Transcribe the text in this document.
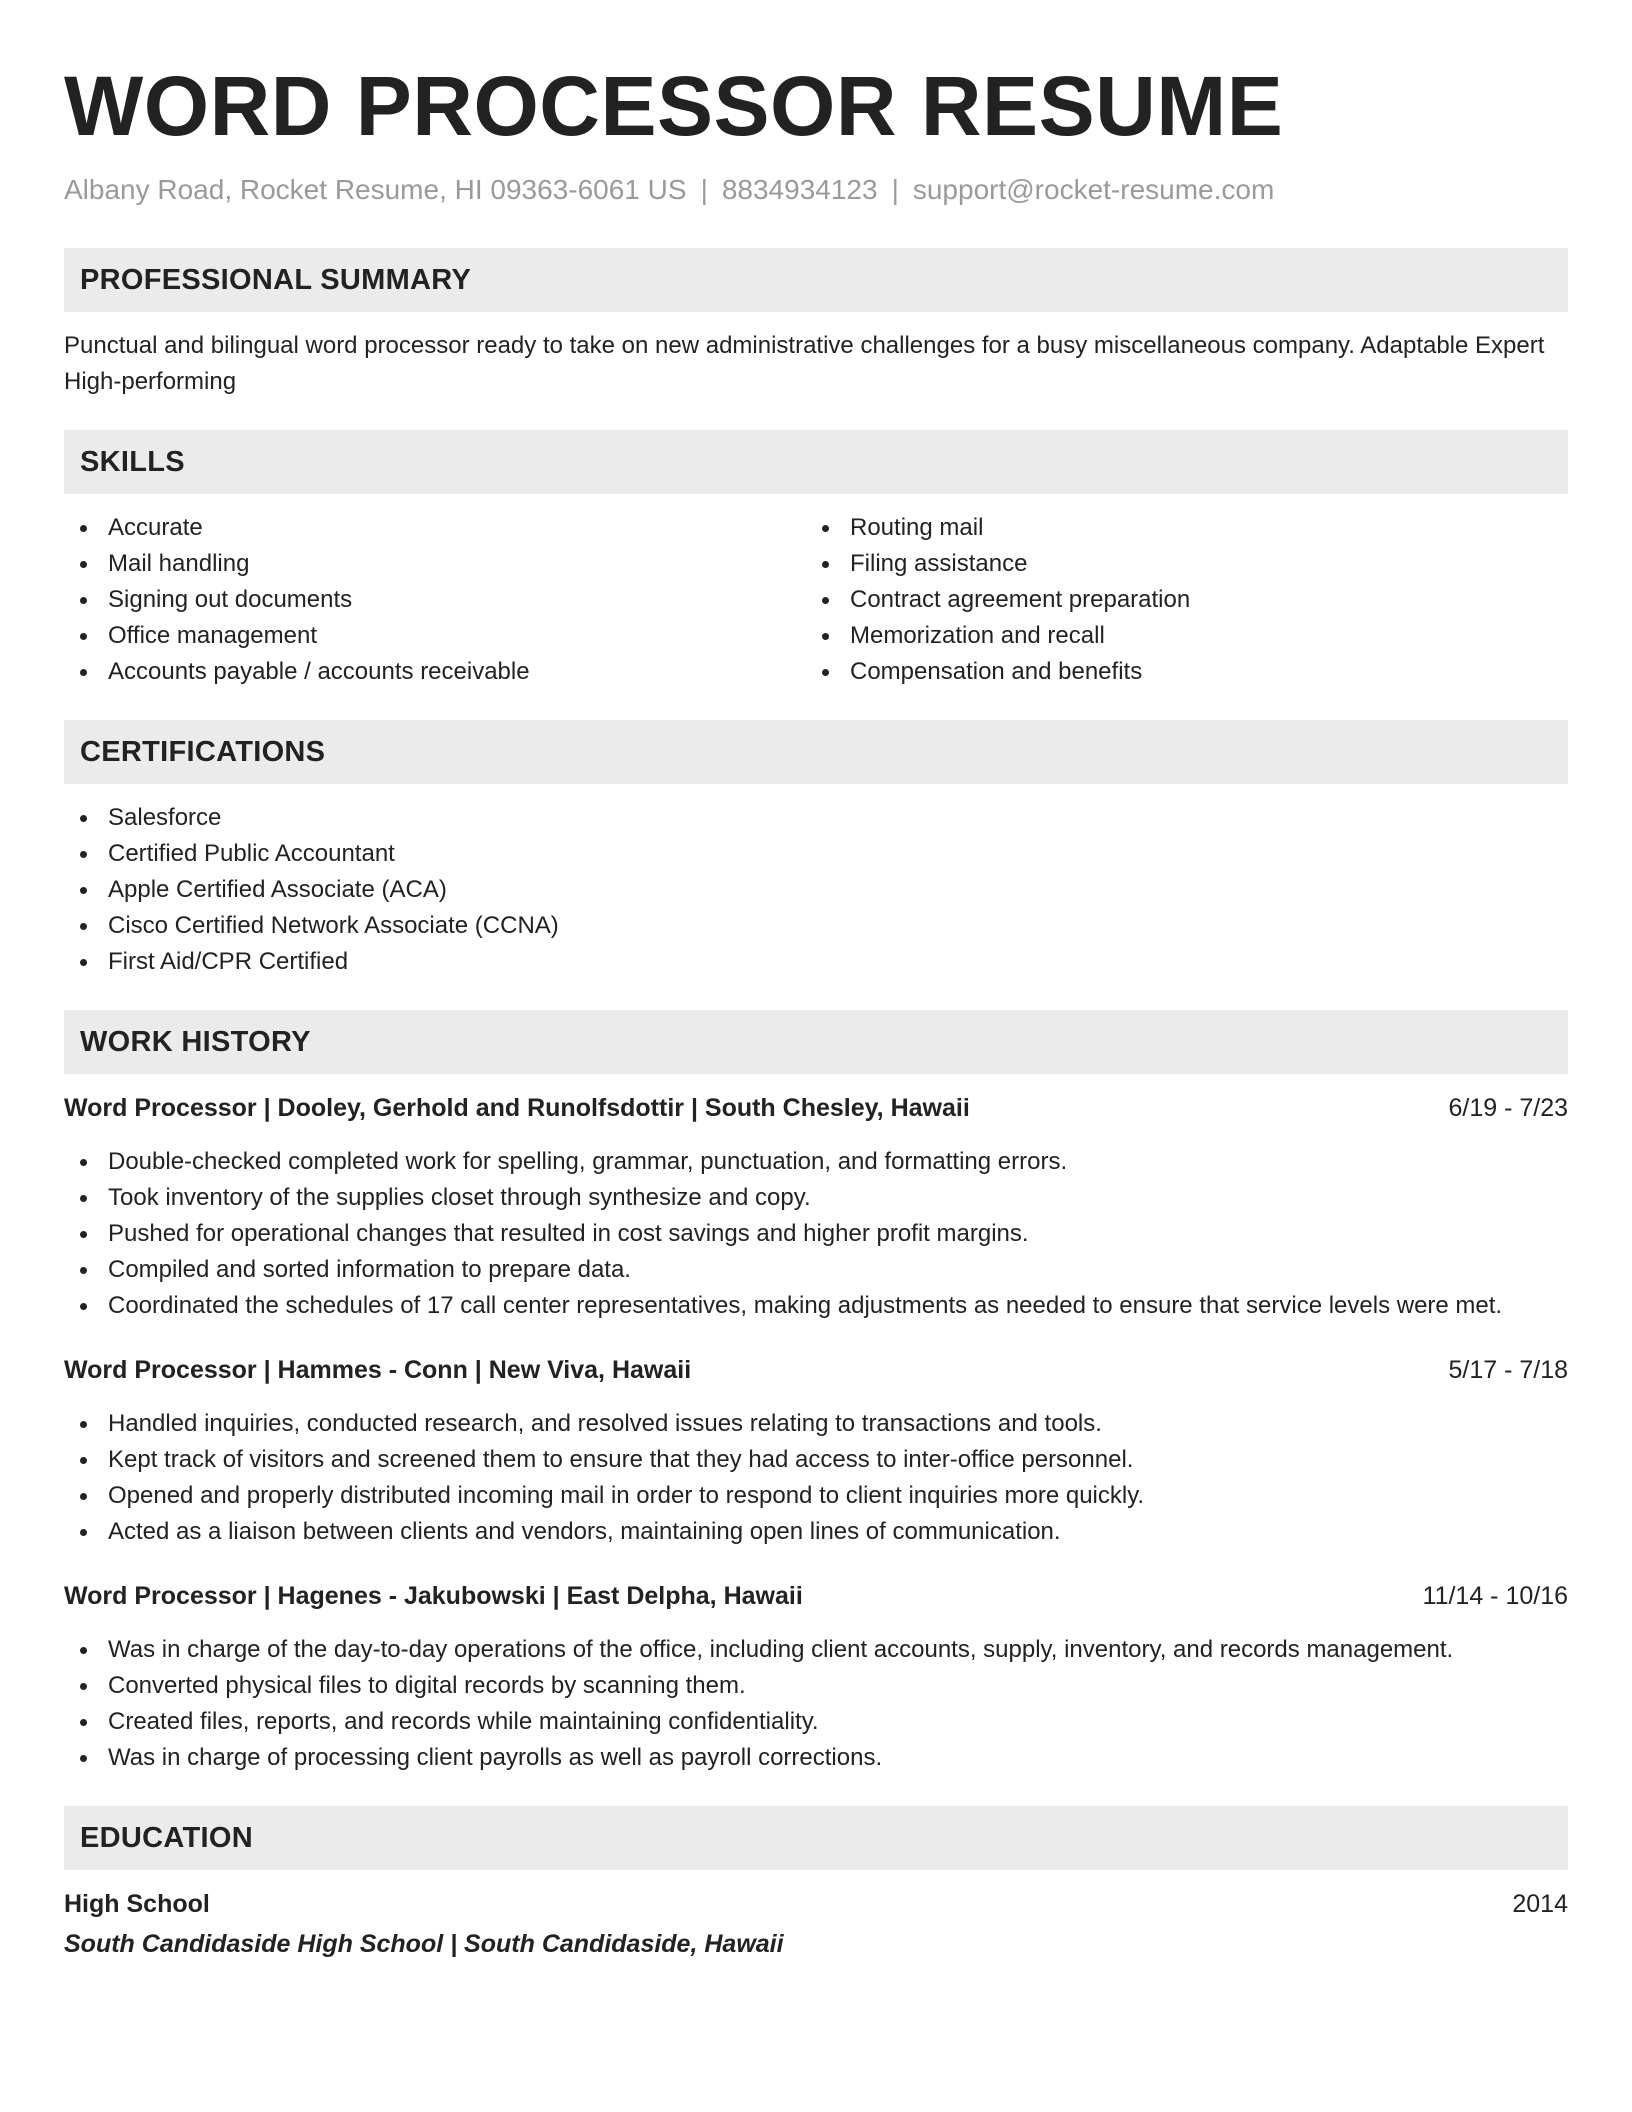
WORD PROCESSOR RESUME
Albany Road, Rocket Resume, HI 09363-6061 US | 8834934123 | support@rocket-resume.com
PROFESSIONAL SUMMARY
Punctual and bilingual word processor ready to take on new administrative challenges for a busy miscellaneous company. Adaptable Expert High-performing
SKILLS
Accurate
Mail handling
Signing out documents
Office management
Accounts payable / accounts receivable
Routing mail
Filing assistance
Contract agreement preparation
Memorization and recall
Compensation and benefits
CERTIFICATIONS
Salesforce
Certified Public Accountant
Apple Certified Associate (ACA)
Cisco Certified Network Associate (CCNA)
First Aid/CPR Certified
WORK HISTORY
Word Processor | Dooley, Gerhold and Runolfsdottir | South Chesley, Hawaii	6/19 - 7/23
Double-checked completed work for spelling, grammar, punctuation, and formatting errors.
Took inventory of the supplies closet through synthesize and copy.
Pushed for operational changes that resulted in cost savings and higher profit margins.
Compiled and sorted information to prepare data.
Coordinated the schedules of 17 call center representatives, making adjustments as needed to ensure that service levels were met.
Word Processor | Hammes - Conn | New Viva, Hawaii	5/17 - 7/18
Handled inquiries, conducted research, and resolved issues relating to transactions and tools.
Kept track of visitors and screened them to ensure that they had access to inter-office personnel.
Opened and properly distributed incoming mail in order to respond to client inquiries more quickly.
Acted as a liaison between clients and vendors, maintaining open lines of communication.
Word Processor | Hagenes - Jakubowski | East Delpha, Hawaii	11/14 - 10/16
Was in charge of the day-to-day operations of the office, including client accounts, supply, inventory, and records management.
Converted physical files to digital records by scanning them.
Created files, reports, and records while maintaining confidentiality.
Was in charge of processing client payrolls as well as payroll corrections.
EDUCATION
High School	2014
South Candidaside High School | South Candidaside, Hawaii
